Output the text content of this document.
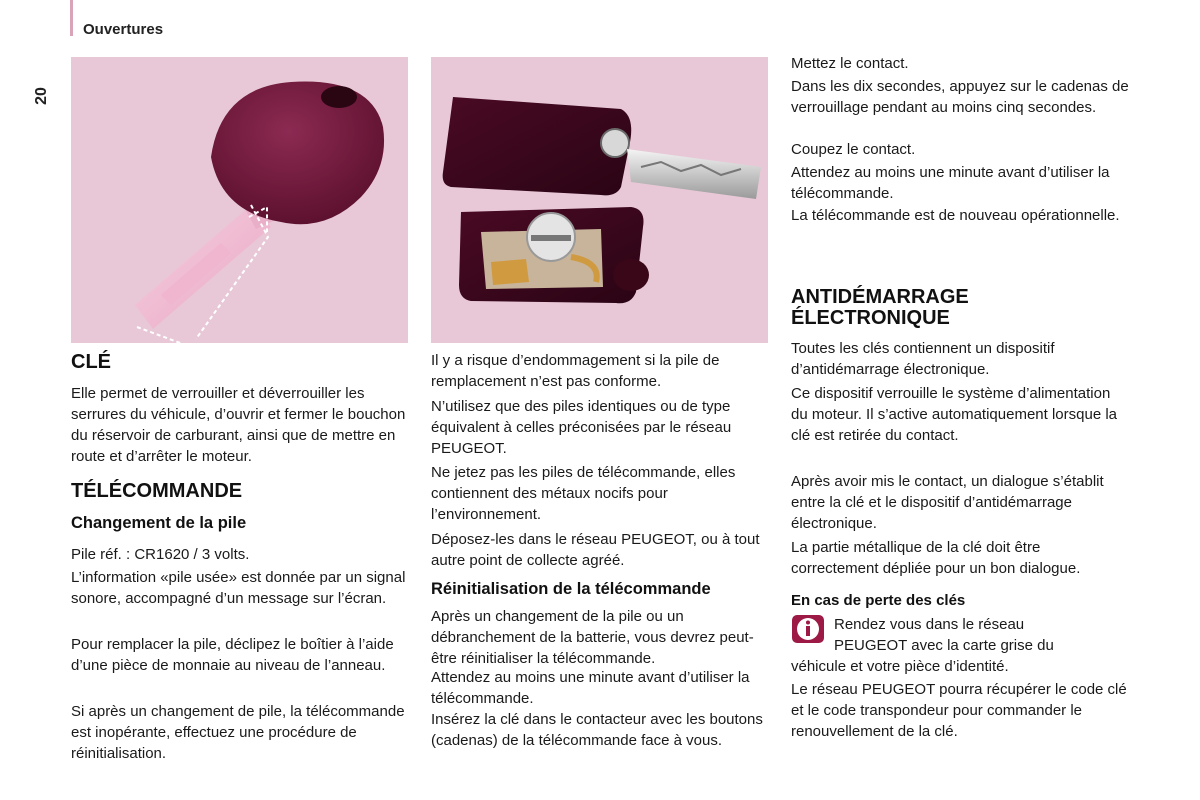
Ouvertures
20
CLÉ

Elle permet de verrouiller et déverrouiller les serrures du véhicule, d’ouvrir et fermer le bouchon du réservoir de carburant, ainsi que de mettre en route et d’arrêter le moteur.

TÉLÉCOMMANDE
Changement de la pile

Pile réf. : CR1620 / 3 volts.

L’information «pile usée» est donnée par un signal sonore, accompagné d’un message sur l’écran.

Pour remplacer la pile, déclipez le boîtier à l’aide d’une pièce de monnaie au niveau de l’anneau.

Si après un changement de pile, la télécommande est inopérante, effectuez une procédure de réinitialisation.

Il y a risque d’endommagement si la pile de remplacement n’est pas conforme.

N’utilisez que des piles identiques ou de type équivalent à celles préconisées par le réseau PEUGEOT.

Ne jetez pas les piles de télécommande, elles contiennent des métaux nocifs pour l’environnement.

Déposez-les dans le réseau PEUGEOT, ou à tout autre point de collecte agréé.

Réinitialisation de la télécommande

Après un changement de la pile ou un débranchement de la batterie, vous devrez peut-être réinitialiser la télécommande.

Attendez au moins une minute avant d’utiliser la télécommande.

Insérez la clé dans le contacteur avec les boutons (cadenas) de la télécommande face à vous.

Mettez le contact.

Dans les dix secondes, appuyez sur le cadenas de verrouillage pendant au moins cinq secondes.

Coupez le contact.

Attendez au moins une minute avant d’utiliser la télécommande.

La télécommande est de nouveau opérationnelle.

ANTIDÉMARRAGE
ÉLECTRONIQUE

Toutes les clés contiennent un dispositif d’antidémarrage électronique.

Ce dispositif verrouille le système d’alimentation du moteur. Il s’active automatiquement lorsque la clé est retirée du contact.

Après avoir mis le contact, un dialogue s’établit entre la clé et le dispositif d’antidémarrage électronique.

La partie métallique de la clé doit être correctement dépliée pour un bon dialogue.

En cas de perte des clés

Rendez vous dans le réseau

PEUGEOT avec la carte grise du

véhicule et votre pièce d’identité.

Le réseau PEUGEOT pourra récupérer le code clé et le code transpondeur pour commander le renouvellement de la clé.
